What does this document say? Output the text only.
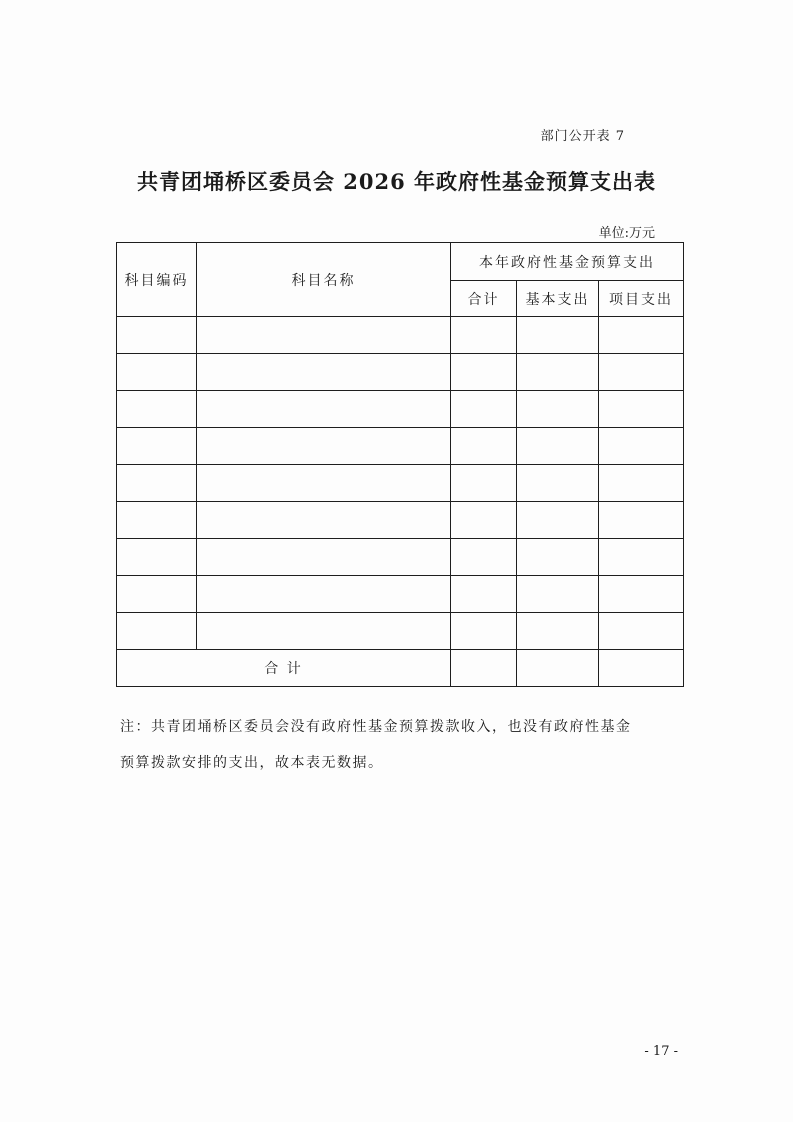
部门公开表 7
共青团埇桥区委员会 2026 年政府性基金预算支出表
单位:万元
科目编码	科目名称	本年政府性基金预算支出		
		合计	基本支出	项目支出

合 计				
注：共青团埇桥区委员会没有政府性基金预算拨款收入，也没有政府性基金
预算拨款安排的支出，故本表无数据。
- 17 -
